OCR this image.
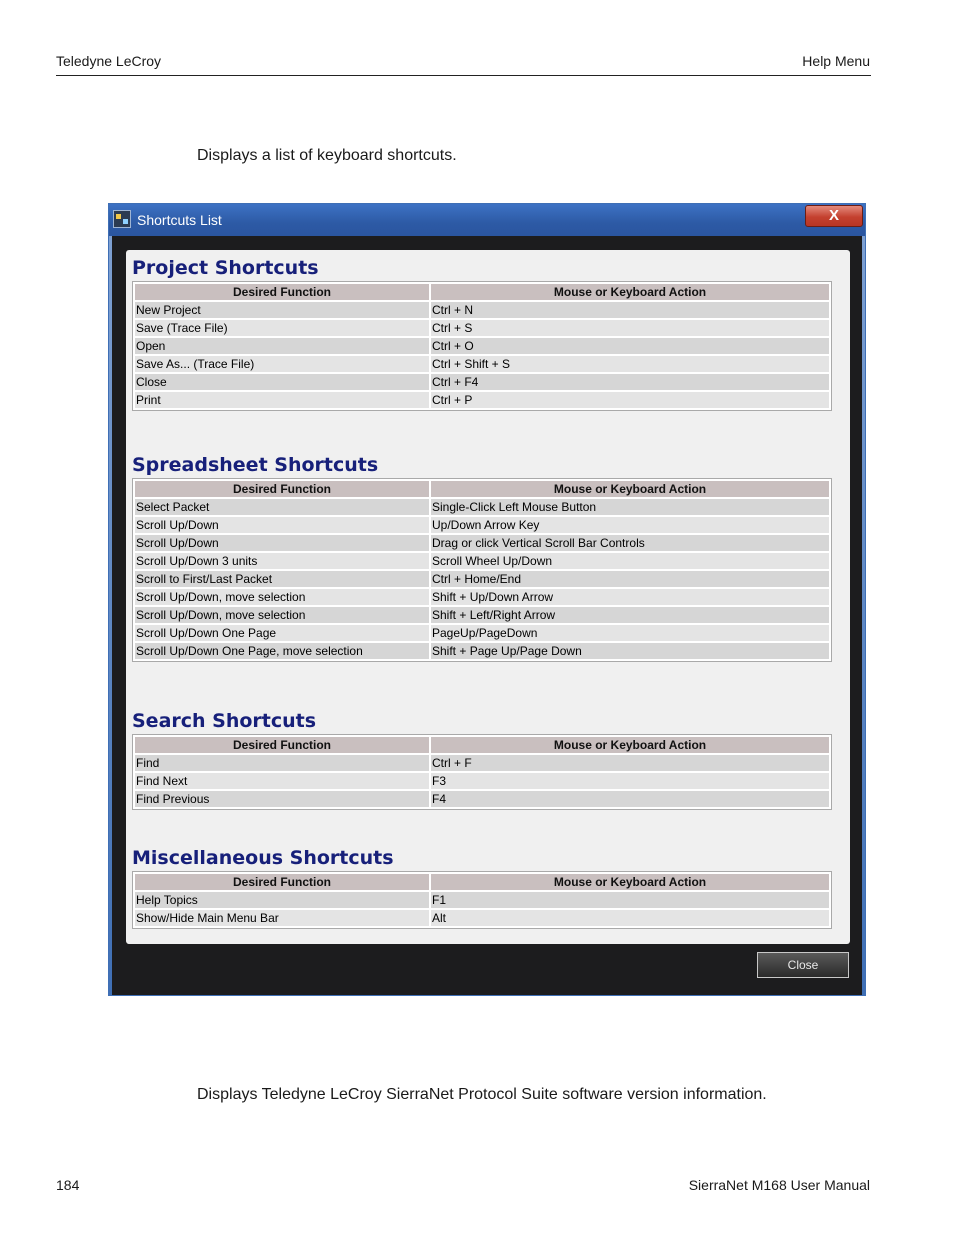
Teledyne LeCroy	Help Menu
Displays a list of keyboard shortcuts.
Shortcuts List	X
Project Shortcuts
Desired Function	Mouse or Keyboard Action
New Project	Ctrl + N
Save (Trace File)	Ctrl + S
Open	Ctrl + O
Save As... (Trace File)	Ctrl + Shift + S
Close	Ctrl + F4
Print	Ctrl + P
Spreadsheet Shortcuts
Desired Function	Mouse or Keyboard Action
Select Packet	Single-Click Left Mouse Button
Scroll Up/Down	Up/Down Arrow Key
Scroll Up/Down	Drag or click Vertical Scroll Bar Controls
Scroll Up/Down 3 units	Scroll Wheel Up/Down
Scroll to First/Last Packet	Ctrl + Home/End
Scroll Up/Down, move selection	Shift + Up/Down Arrow
Scroll Up/Down, move selection	Shift + Left/Right Arrow
Scroll Up/Down One Page	PageUp/PageDown
Scroll Up/Down One Page, move selection	Shift + Page Up/Page Down
Search Shortcuts
Desired Function	Mouse or Keyboard Action
Find	Ctrl + F
Find Next	F3
Find Previous	F4
Miscellaneous Shortcuts
Desired Function	Mouse or Keyboard Action
Help Topics	F1
Show/Hide Main Menu Bar	Alt
Close
Displays Teledyne LeCroy SierraNet Protocol Suite software version information.
184	SierraNet M168 User Manual
